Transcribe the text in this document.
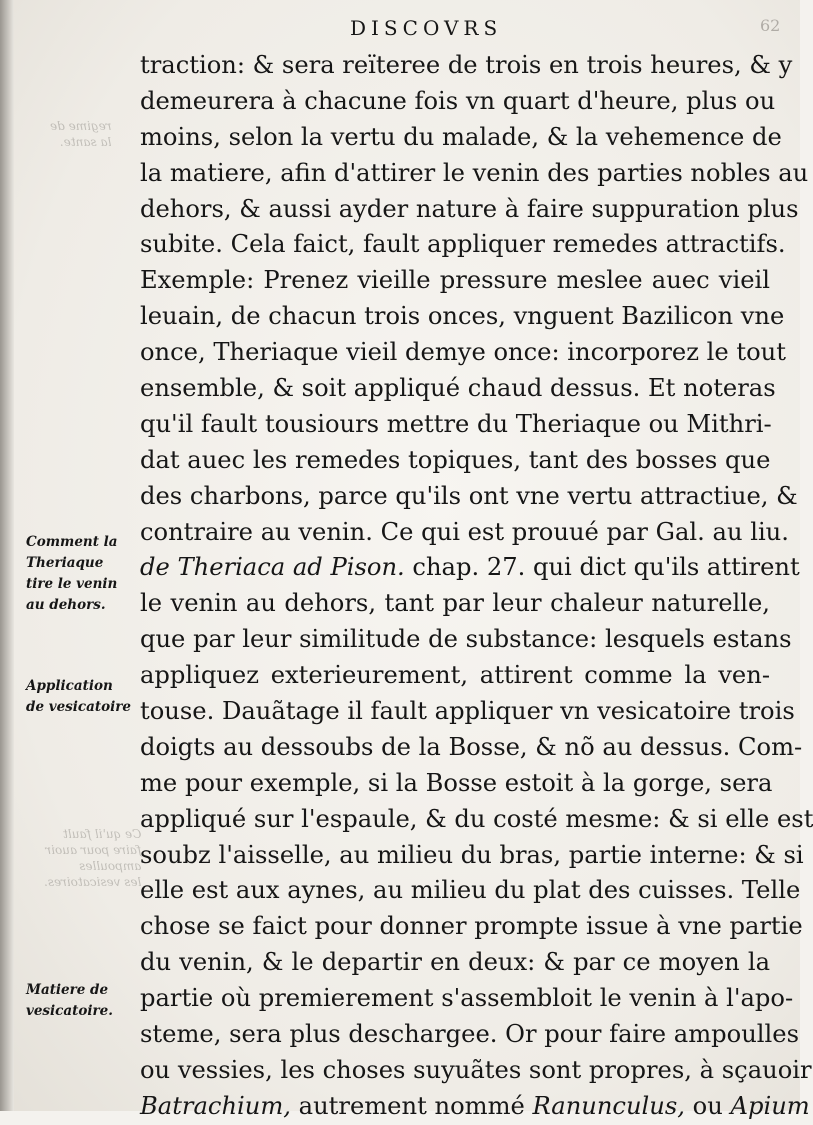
Ce qu'il fault
faire pour auoir
ampoulles
les vesicatoires.
regime de
la sante.
DISCOVRS	62
traction: & sera reïteree de trois en trois heures, & y
demeurera à chacune fois vn quart d'heure, plus ou
moins, selon la vertu du malade, & la vehemence de
la matiere, afin d'attirer le venin des parties nobles au
dehors, & aussi ayder nature à faire suppuration plus
subite. Cela faict, fault appliquer remedes attractifs.
Exemple: Prenez vieille pressure meslee auec vieil
leuain, de chacun trois onces, vnguent Bazilicon vne
once, Theriaque vieil demye once: incorporez le tout
ensemble, & soit appliqué chaud dessus. Et noteras
qu'il fault tousiours mettre du Theriaque ou Mithri-
dat auec les remedes topiques, tant des bosses que
des charbons, parce qu'ils ont vne vertu attractiue, &
contraire au venin. Ce qui est prouué par Gal. au liu.
de Theriaca ad Pison. chap. 27. qui dict qu'ils attirent
le venin au dehors, tant par leur chaleur naturelle,
que par leur similitude de substance: lesquels estans
appliquez exterieurement, attirent comme la ven-
touse. Dauãtage il fault appliquer vn vesicatoire trois
doigts au dessoubs de la Bosse, & nõ au dessus. Com-
me pour exemple, si la Bosse estoit à la gorge, sera
appliqué sur l'espaule, & du costé mesme: & si elle est
soubz l'aisselle, au milieu du bras, partie interne: & si
elle est aux aynes, au milieu du plat des cuisses. Telle
chose se faict pour donner prompte issue à vne partie
du venin, & le departir en deux: & par ce moyen la
partie où premierement s'assembloit le venin à l'apo-
steme, sera plus deschargee. Or pour faire ampoulles
ou vessies, les choses suyuãtes sont propres, à sçauoir
Batrachium, autrement nommé Ranunculus, ou Apium
Comment la
Theriaque
tire le venin
au dehors.
Application
de vesicatoire
Matiere de
vesicatoire.
